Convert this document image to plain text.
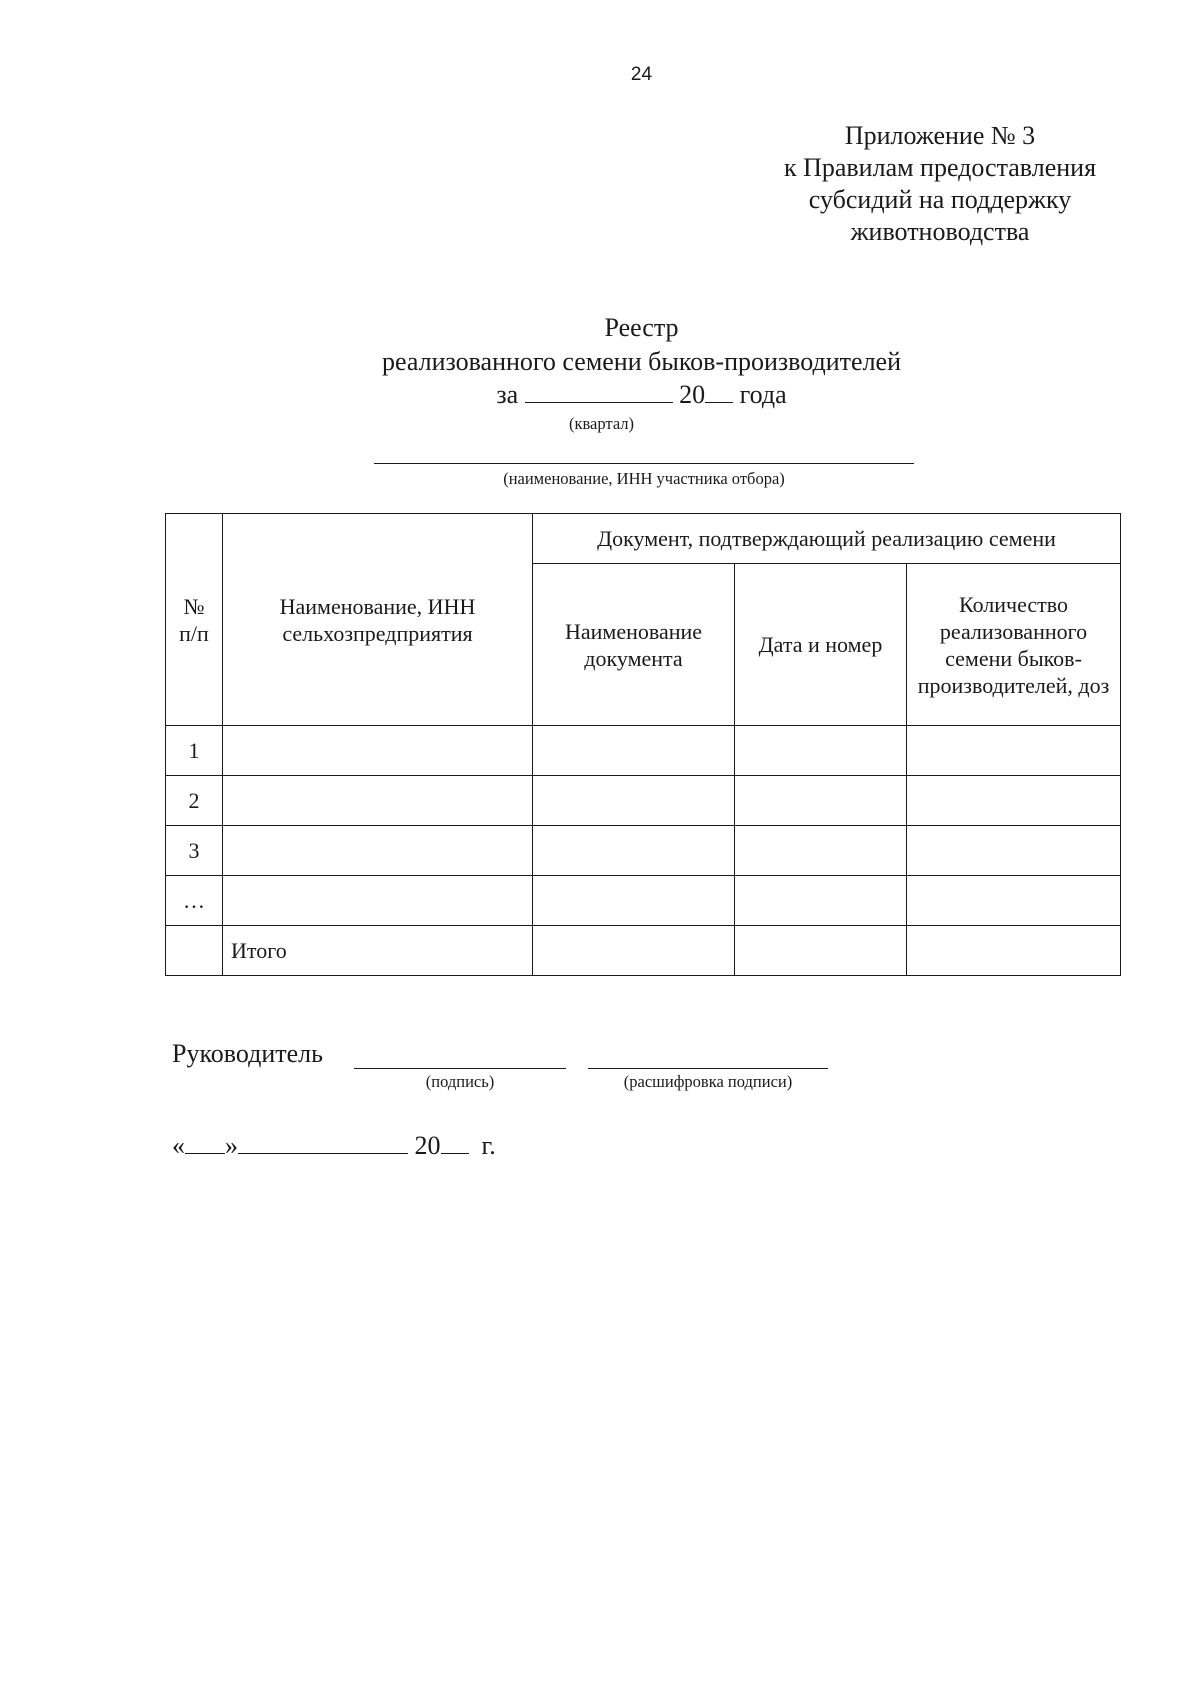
24
Приложение № 3
к Правилам предоставления
субсидий на поддержку
животноводства
Реестр
реализованного семени быков-производителей
за	20 года
(квартал)
(наименование, ИНН участника отбора)
№ п/п	Наименование, ИНН сельхозпредприятия	Документ, подтверждающий реализацию семени		
		Наименование документа	Дата и номер	Количество реализованного семени быков-производителей, доз
1				
2				
3				
…				
	Итого			
Руководитель
(подпись)	(расшифровка подписи)
« »	20 г.
